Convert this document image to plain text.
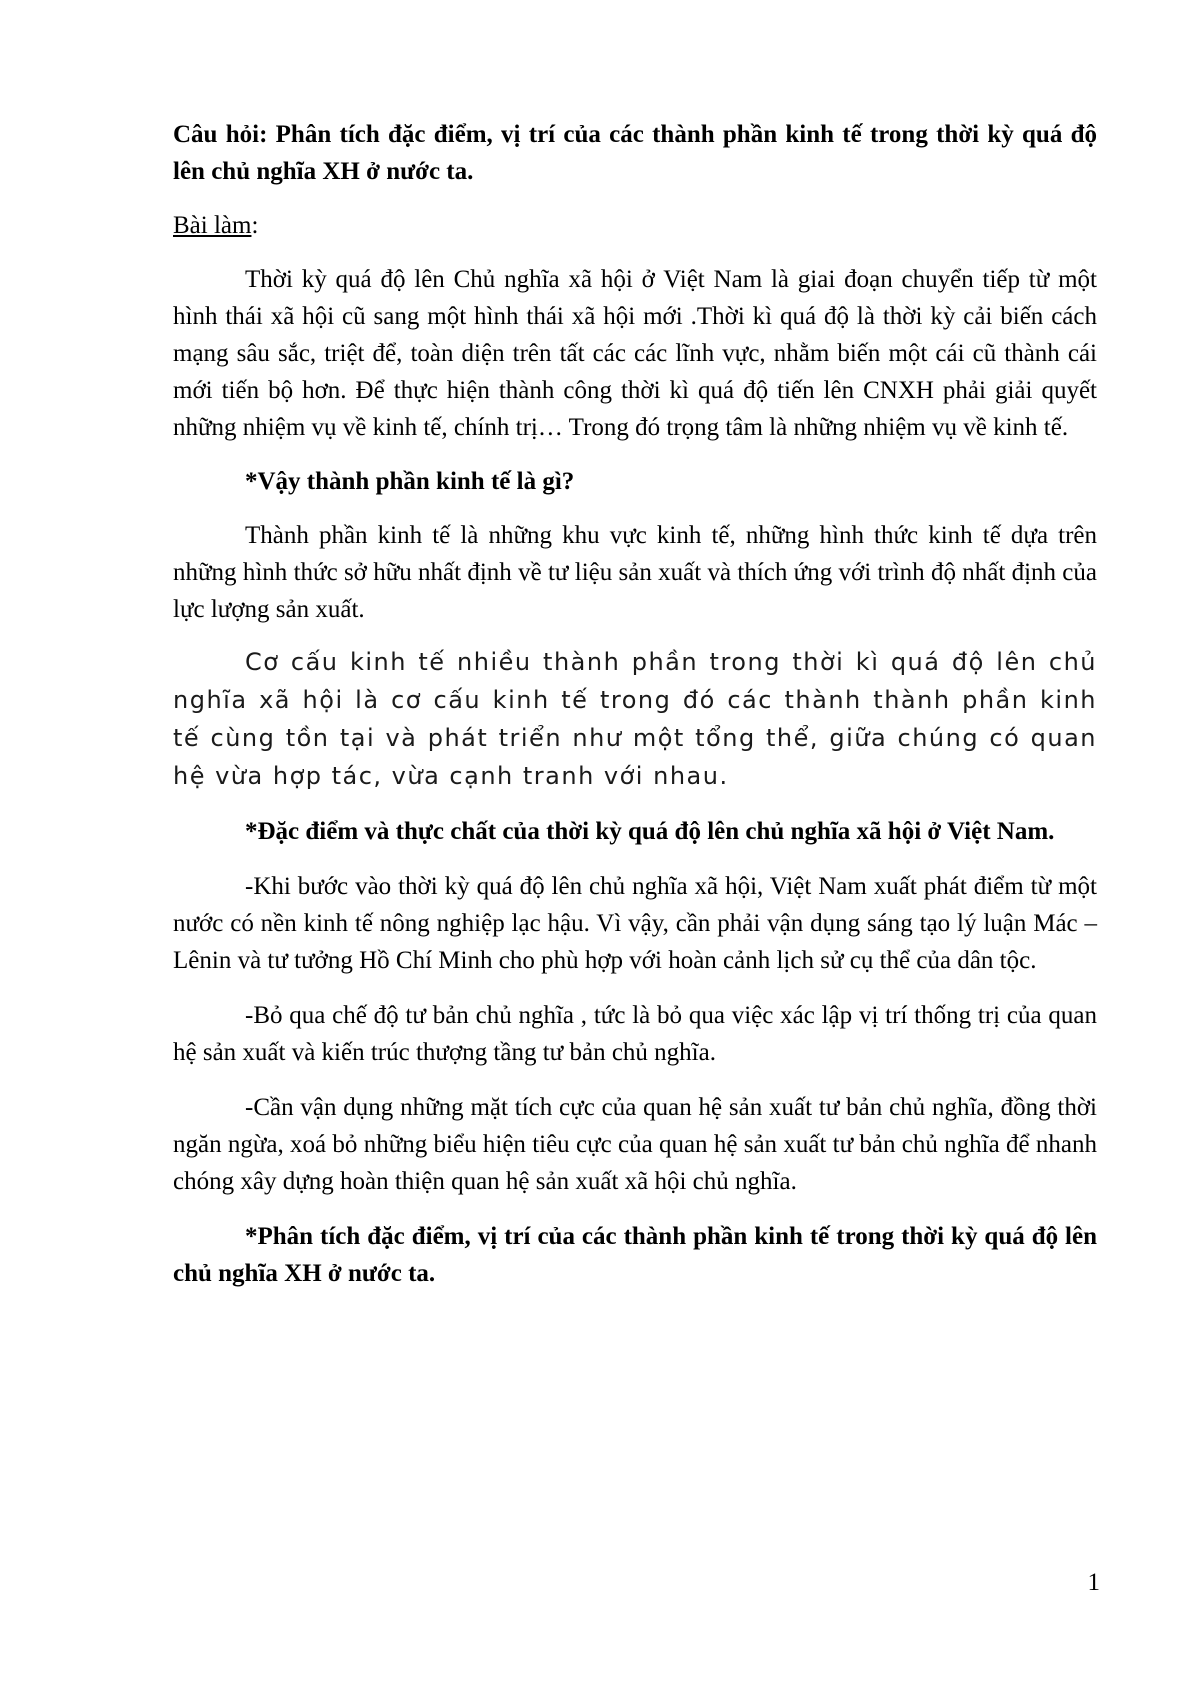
Câu hỏi: Phân tích đặc điểm, vị trí của các thành phần kinh tế trong thời kỳ quá độ lên chủ nghĩa XH ở nước ta.

Bài làm:

Thời kỳ quá độ lên Chủ nghĩa xã hội ở Việt Nam là giai đoạn chuyển tiếp từ một hình thái xã hội cũ sang một hình thái xã hội mới .Thời kì quá độ là thời kỳ cải biến cách mạng sâu sắc, triệt để, toàn diện trên tất các các lĩnh vực, nhằm biến một cái cũ thành cái mới tiến bộ hơn. Để thực hiện thành công thời kì quá độ tiến lên CNXH phải giải quyết những nhiệm vụ về kinh tế, chính trị… Trong đó trọng tâm là những nhiệm vụ về kinh tế.

*Vậy thành phần kinh tế là gì?

Thành phần kinh tế là những khu vực kinh tế, những hình thức kinh tế dựa trên những hình thức sở hữu nhất định về tư liệu sản xuất và thích ứng với trình độ nhất định của lực lượng sản xuất.

Cơ cấu kinh tế nhiều thành phần trong thời kì quá độ lên chủ nghĩa xã hội là cơ cấu kinh tế trong đó các thành thành phần kinh tế cùng tồn tại và phát triển như một tổng thể, giữa chúng có quan hệ vừa hợp tác, vừa cạnh tranh với nhau.

*Đặc điểm và thực chất của thời kỳ quá độ lên chủ nghĩa xã hội ở Việt Nam.

-Khi bước vào thời kỳ quá độ lên chủ nghĩa xã hội, Việt Nam xuất phát điểm từ một nước có nền kinh tế nông nghiệp lạc hậu. Vì vậy, cần phải vận dụng sáng tạo lý luận Mác – Lênin và tư tưởng Hồ Chí Minh cho phù hợp với hoàn cảnh lịch sử cụ thể của dân tộc.

-Bỏ qua chế độ tư bản chủ nghĩa , tức là bỏ qua việc xác lập vị trí thống trị của quan hệ sản xuất và kiến trúc thượng tầng tư bản chủ nghĩa.

-Cần vận dụng những mặt tích cực của quan hệ sản xuất tư bản chủ nghĩa, đồng thời ngăn ngừa, xoá bỏ những biểu hiện tiêu cực của quan hệ sản xuất tư bản chủ nghĩa để nhanh chóng xây dựng hoàn thiện quan hệ sản xuất xã hội chủ nghĩa.

*Phân tích đặc điểm, vị trí của các thành phần kinh tế trong thời kỳ quá độ lên chủ nghĩa XH ở nước ta.

1
